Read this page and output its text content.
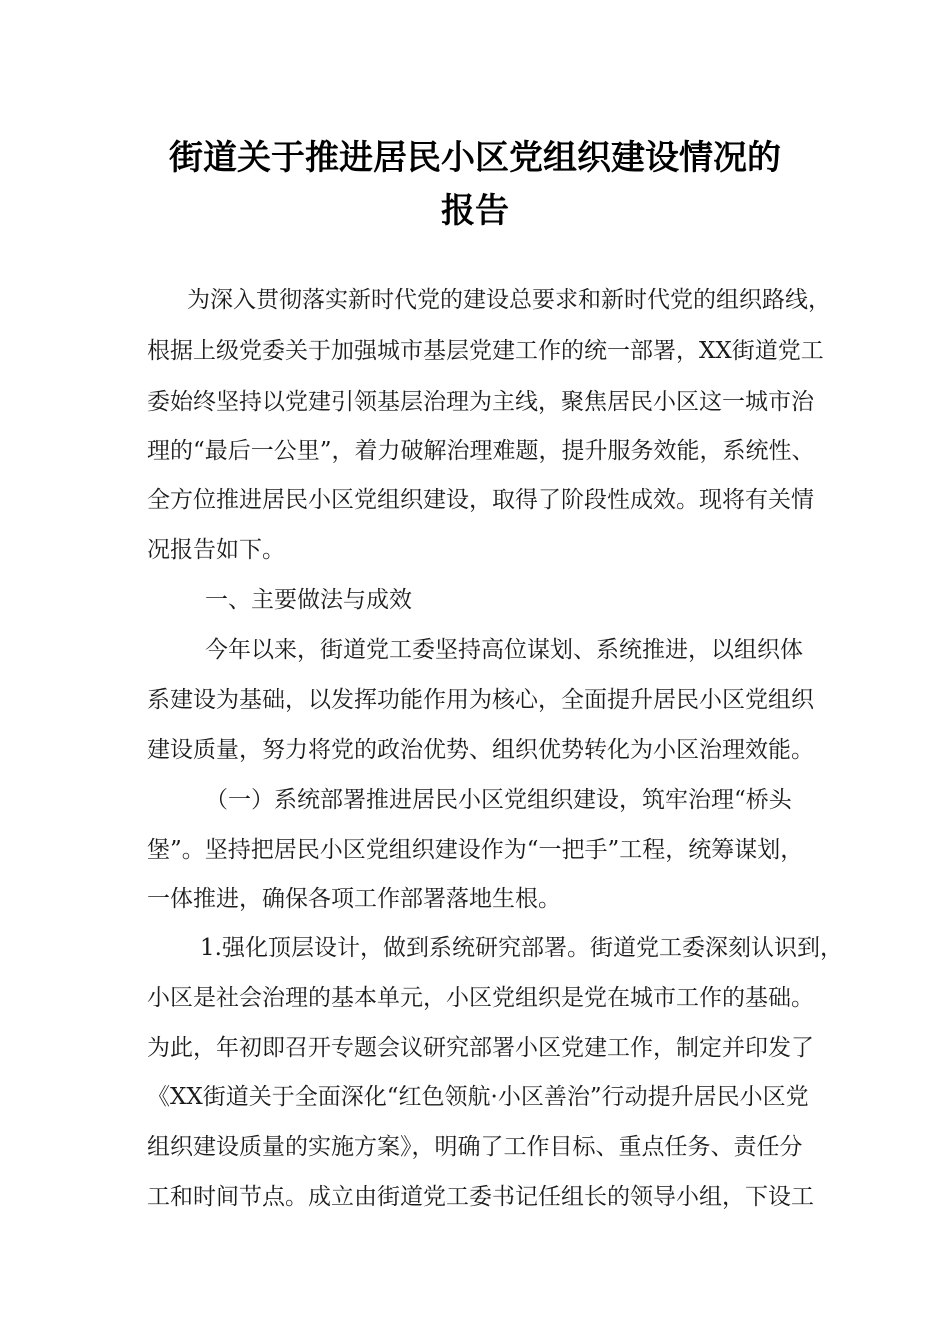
街道关于推进居民小区党组织建设情况的
报告
为深入贯彻落实新时代党的建设总要求和新时代党的组织路线，
根据上级党委关于加强城市基层党建工作的统一部署，XX街道党工
委始终坚持以党建引领基层治理为主线，聚焦居民小区这一城市治
理的“最后一公里”，着力破解治理难题，提升服务效能，系统性、
全方位推进居民小区党组织建设，取得了阶段性成效。现将有关情
况报告如下。
一、主要做法与成效
今年以来，街道党工委坚持高位谋划、系统推进，以组织体
系建设为基础，以发挥功能作用为核心，全面提升居民小区党组织
建设质量，努力将党的政治优势、组织优势转化为小区治理效能。
（一）系统部署推进居民小区党组织建设，筑牢治理“桥头
堡”。坚持把居民小区党组织建设作为“一把手”工程，统筹谋划，
一体推进，确保各项工作部署落地生根。
1.强化顶层设计，做到系统研究部署。街道党工委深刻认识到，
小区是社会治理的基本单元，小区党组织是党在城市工作的基础。
为此，年初即召开专题会议研究部署小区党建工作，制定并印发了
《XX街道关于全面深化“红色领航·小区善治”行动提升居民小区党
组织建设质量的实施方案》，明确了工作目标、重点任务、责任分
工和时间节点。成立由街道党工委书记任组长的领导小组，下设工
